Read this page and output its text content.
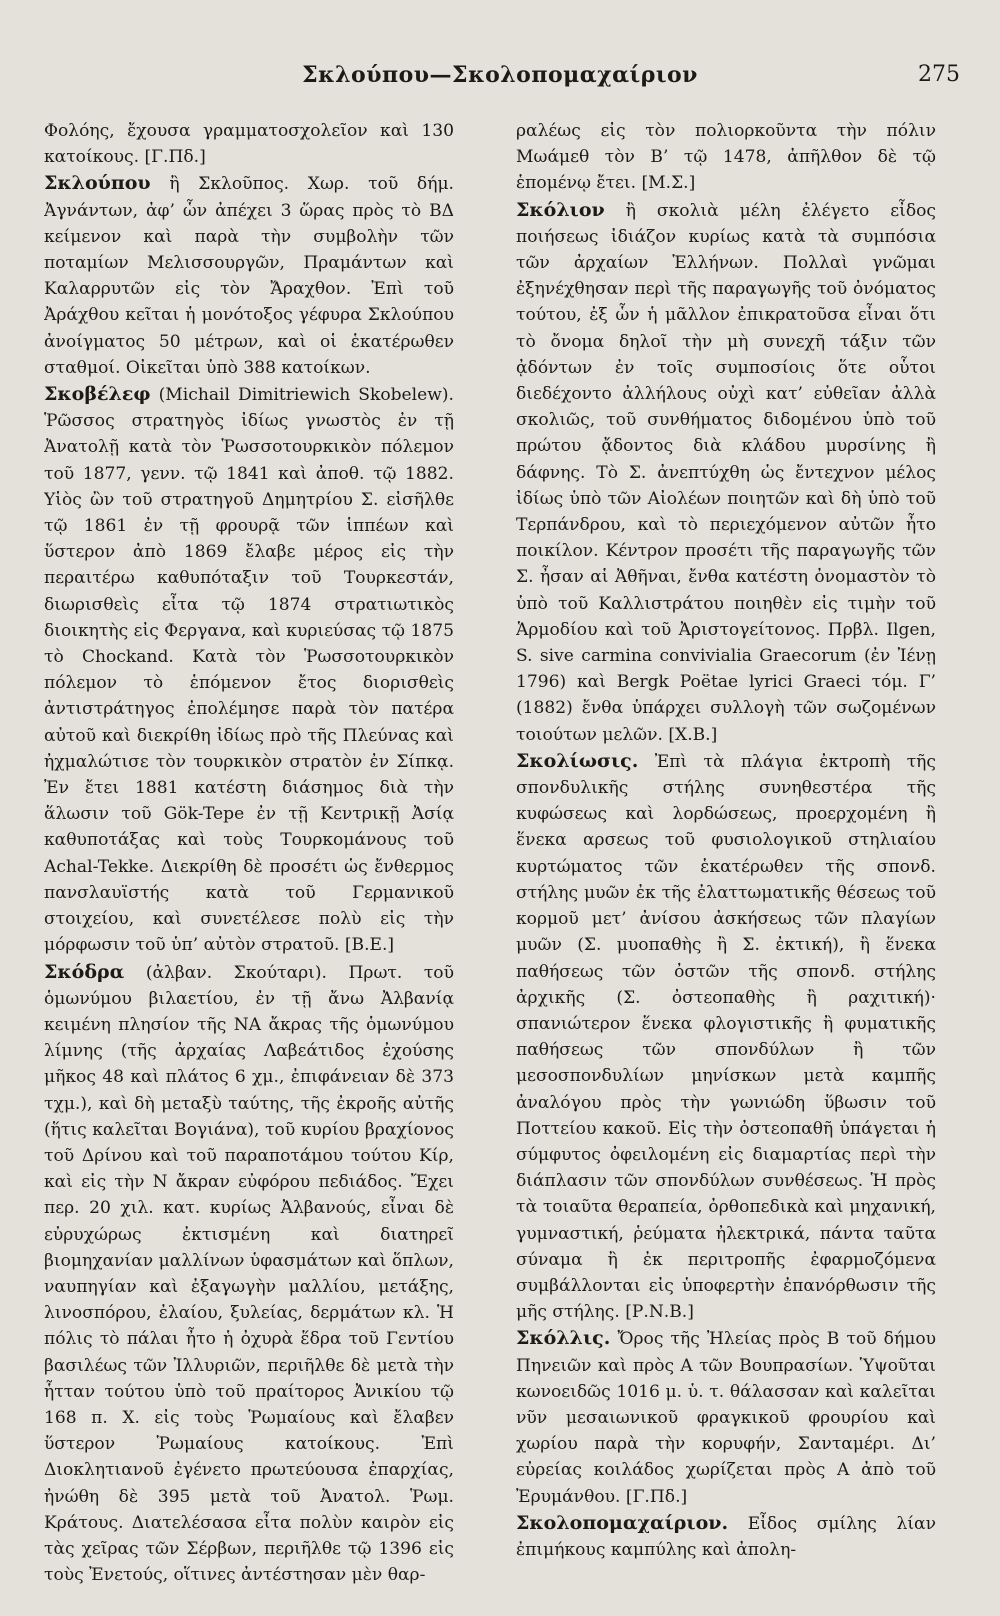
Σκλούπου—Σκολοπομαχαίριον	275

Φολόης, ἔχουσα γραμματοσχολεῖον καὶ 130 κατοίκους. [Γ.Πδ.]

Σκλούπου ἢ Σκλοῦπος. Χωρ. τοῦ δήμ. Ἀγνάντων, ἀφ’ ὧν ἀπέχει 3 ὥρας πρὸς τὸ ΒΔ κείμενον καὶ παρὰ τὴν συμβολὴν τῶν ποταμίων Μελισσουργῶν, Πραμάντων καὶ Καλαρρυτῶν εἰς τὸν Ἄραχθον. Ἐπὶ τοῦ Ἀράχθου κεῖται ἡ μονότοξος γέφυρα Σκλούπου ἀνοίγματος 50 μέτρων, καὶ οἱ ἑκατέρωθεν σταθμοί. Οἰκεῖται ὑπὸ 388 κατοίκων.

Σκοβέλεφ (Michail Dimitriewich Skobelew). Ῥῶσσος στρατηγὸς ἰδίως γνωστὸς ἐν τῇ Ἀνατολῇ κατὰ τὸν Ῥωσσοτουρκικὸν πόλεμον τοῦ 1877, γενν. τῷ 1841 καὶ ἀποθ. τῷ 1882. Υἱὸς ὢν τοῦ στρατηγοῦ Δημητρίου Σ. εἰσῆλθε τῷ 1861 ἐν τῇ φρουρᾷ τῶν ἱππέων καὶ ὕστερον ἀπὸ 1869 ἔλαβε μέρος εἰς τὴν περαιτέρω καθυπόταξιν τοῦ Τουρκεστάν, διωρισθεὶς εἶτα τῷ 1874 στρατιωτικὸς διοικητὴς εἰς Φεργανα, καὶ κυριεύσας τῷ 1875 τὸ Chockand. Κατὰ τὸν Ῥωσσοτουρκικὸν πόλεμον τὸ ἑπόμενον ἔτος διορισθεὶς ἀντιστράτηγος ἐπολέμησε παρὰ τὸν πατέρα αὐτοῦ καὶ διεκρίθη ἰδίως πρὸ τῆς Πλεύνας καὶ ἠχμαλώτισε τὸν τουρκικὸν στρατὸν ἐν Σίπκᾳ. Ἐν ἔτει 1881 κατέστη διάσημος διὰ τὴν ἅλωσιν τοῦ Gök-Tepe ἐν τῇ Κεντρικῇ Ἀσίᾳ καθυποτάξας καὶ τοὺς Τουρκομάνους τοῦ Achal-Tekke. Διεκρίθη δὲ προσέτι ὡς ἔνθερμος πανσλαυϊστής κατὰ τοῦ Γερμανικοῦ στοιχείου, καὶ συνετέλεσε πολὺ εἰς τὴν μόρφωσιν τοῦ ὑπ’ αὐτὸν στρατοῦ. [Β.Ε.]

Σκόδρα (ἀλβαν. Σκούταρι). Πρωτ. τοῦ ὁμωνύμου βιλαετίου, ἐν τῇ ἄνω Ἀλβανίᾳ κειμένη πλησίον τῆς ΝΑ ἄκρας τῆς ὁμωνύμου λίμνης (τῆς ἀρχαίας Λαβεάτιδος ἐχούσης μῆκος 48 καὶ πλάτος 6 χμ., ἐπιφάνειαν δὲ 373 τχμ.), καὶ δὴ μεταξὺ ταύτης, τῆς ἐκροῆς αὐτῆς (ἥτις καλεῖται Βογιάνα), τοῦ κυρίου βραχίονος τοῦ Δρίνου καὶ τοῦ παραποτάμου τούτου Κίρ, καὶ εἰς τὴν Ν ἄκραν εὐφόρου πεδιάδος. Ἔχει περ. 20 χιλ. κατ. κυρίως Ἀλβανούς, εἶναι δὲ εὐρυχώρως ἐκτισμένη καὶ διατηρεῖ βιομηχανίαν μαλλίνων ὑφασμάτων καὶ ὅπλων, ναυπηγίαν καὶ ἐξαγωγὴν μαλλίου, μετάξης, λινοσπόρου, ἐλαίου, ξυλείας, δερμάτων κλ. Ἡ πόλις τὸ πάλαι ἦτο ἡ ὀχυρὰ ἕδρα τοῦ Γεντίου βασιλέως τῶν Ἰλλυριῶν, περιῆλθε δὲ μετὰ τὴν ἧτταν τούτου ὑπὸ τοῦ πραίτορος Ἀνικίου τῷ 168 π. Χ. εἰς τοὺς Ῥωμαίους καὶ ἔλαβεν ὕστερον Ῥωμαίους κατοίκους. Ἐπὶ Διοκλητιανοῦ ἐγένετο πρωτεύουσα ἐπαρχίας, ἠνώθη δὲ 395 μετὰ τοῦ Ἀνατολ. Ῥωμ. Κράτους. Διατελέσασα εἶτα πολὺν καιρὸν εἰς τὰς χεῖρας τῶν Σέρβων, περιῆλθε τῷ 1396 εἰς τοὺς Ἐνετούς, οἵτινες ἀντέστησαν μὲν θαρ-

ραλέως εἰς τὸν πολιορκοῦντα τὴν πόλιν Μωάμεθ τὸν Β’ τῷ 1478, ἀπῆλθον δὲ τῷ ἑπομένῳ ἔτει. [Μ.Σ.]

Σκόλιον ἢ σκολιὰ μέλη ἐλέγετο εἶδος ποιήσεως ἰδιάζον κυρίως κατὰ τὰ συμπόσια τῶν ἀρχαίων Ἑλλήνων. Πολλαὶ γνῶμαι ἐξηνέχθησαν περὶ τῆς παραγωγῆς τοῦ ὀνόματος τούτου, ἐξ ὧν ἡ μᾶλλον ἐπικρατοῦσα εἶναι ὅτι τὸ ὄνομα δηλοῖ τὴν μὴ συνεχῆ τάξιν τῶν ᾀδόντων ἐν τοῖς συμποσίοις ὅτε οὗτοι διεδέχοντο ἀλλήλους οὐχὶ κατ’ εὐθεῖαν ἀλλὰ σκολιῶς, τοῦ συνθήματος διδομένου ὑπὸ τοῦ πρώτου ᾄδοντος διὰ κλάδου μυρσίνης ἢ δάφνης. Τὸ Σ. ἀνεπτύχθη ὡς ἔντεχνον μέλος ἰδίως ὑπὸ τῶν Αἰολέων ποιητῶν καὶ δὴ ὑπὸ τοῦ Τερπάνδρου, καὶ τὸ περιεχόμενον αὐτῶν ἦτο ποικίλον. Κέντρον προσέτι τῆς παραγωγῆς τῶν Σ. ἦσαν αἱ Ἀθῆναι, ἔνθα κατέστη ὀνομαστὸν τὸ ὑπὸ τοῦ Καλλιστράτου ποιηθὲν εἰς τιμὴν τοῦ Ἁρμοδίου καὶ τοῦ Ἀριστογείτονος. Πρβλ. Ilgen, S. sive carmina convivialia Graecorum (ἐν Ἰένῃ 1796) καὶ Bergk Poëtae lyrici Graeci τόμ. Γ’ (1882) ἔνθα ὑπάρχει συλλογὴ τῶν σωζομένων τοιούτων μελῶν. [Χ.Β.]

Σκολίωσις. Ἐπὶ τὰ πλάγια ἐκτροπὴ τῆς σπονδυλικῆς στήλης συνηθεστέρα τῆς κυφώσεως καὶ λορδώσεως, προερχομένη ἢ ἕνεκα αρσεως τοῦ φυσιολογικοῦ στηλιαίου κυρτώματος τῶν ἑκατέρωθεν τῆς σπονδ. στήλης μυῶν ἐκ τῆς ἐλαττωματικῆς θέσεως τοῦ κορμοῦ μετ’ ἀνίσου ἀσκήσεως τῶν πλαγίων μυῶν (Σ. μυοπαθὴς ἢ Σ. ἐκτική), ἢ ἕνεκα παθήσεως τῶν ὀστῶν τῆς σπονδ. στήλης ἀρχικῆς (Σ. ὀστεοπαθὴς ἢ ραχιτική)· σπανιώτερον ἕνεκα φλογιστικῆς ἢ φυματικῆς παθήσεως τῶν σπονδύλων ἢ τῶν μεσοσπονδυλίων μηνίσκων μετὰ καμπῆς ἀναλόγου πρὸς τὴν γωνιώδη ὕβωσιν τοῦ Ποττείου κακοῦ. Εἰς τὴν ὀστεοπαθῆ ὑπάγεται ἡ σύμφυτος ὀφειλομένη εἰς διαμαρτίας περὶ τὴν διάπλασιν τῶν σπονδύλων συνθέσεως. Ἡ πρὸς τὰ τοιαῦτα θεραπεία, ὀρθοπεδικὰ καὶ μηχανική, γυμναστική, ῥεύματα ἠλεκτρικά, πάντα ταῦτα σύναμα ἢ ἐκ περιτροπῆς ἐφαρμοζόμενα συμβάλλονται εἰς ὑποφερτὴν ἐπανόρθωσιν τῆς μῆς στήλης. [Ρ.Ν.Β.]

Σκόλλις. Ὄρος τῆς Ἠλείας πρὸς Β τοῦ δήμου Πηνειῶν καὶ πρὸς Α τῶν Βουπρασίων. Ὑψοῦται κωνοειδῶς 1016 μ. ὑ. τ. θάλασσαν καὶ καλεῖται νῦν μεσαιωνικοῦ φραγκικοῦ φρουρίου καὶ χωρίου παρὰ τὴν κορυφήν, Σανταμέρι. Δι’ εὐρείας κοιλάδος χωρίζεται πρὸς Α ἀπὸ τοῦ Ἐρυμάνθου. [Γ.Πδ.]

Σκολοπομαχαίριον. Εἶδος σμίλης λίαν ἐπιμήκους καμπύλης καὶ ἀπολη-
